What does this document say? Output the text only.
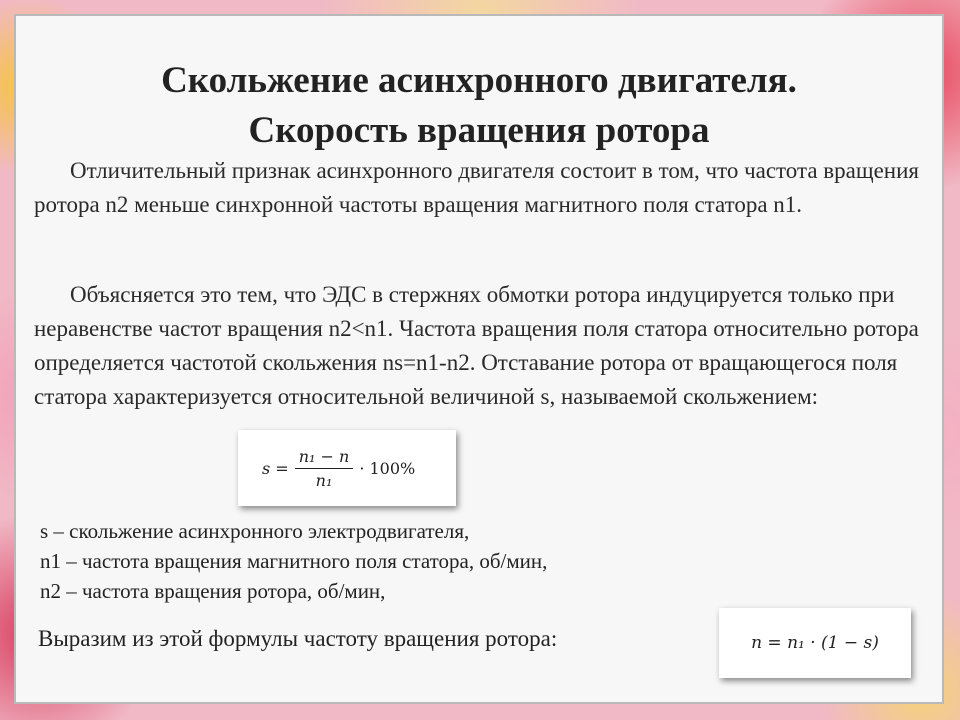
Скольжение асинхронного двигателя.
Скорость вращения ротора
Отличительный признак асинхронного двигателя состоит в том, что частота вращения ротора n2 меньше синхронной частоты вращения магнитного поля статора n1.
Объясняется это тем, что ЭДС в стержнях обмотки ротора индуцируется только при неравенстве частот вращения n2<n1. Частота вращения поля статора относительно ротора определяется частотой скольжения ns=n1-n2. Отставание ротора от вращающегося поля статора характеризуется относительной величиной s, называемой скольжением:
$s = \frac{\text{n₁ − n}}{\text{n₁}} \cdot 100\%$
s – скольжение асинхронного электродвигателя,
n1 – частота вращения магнитного поля статора, об/мин,
n2 – частота вращения ротора, об/мин,
Выразим из этой формулы частоту вращения ротора:	n = n₁ · (1 − s)
